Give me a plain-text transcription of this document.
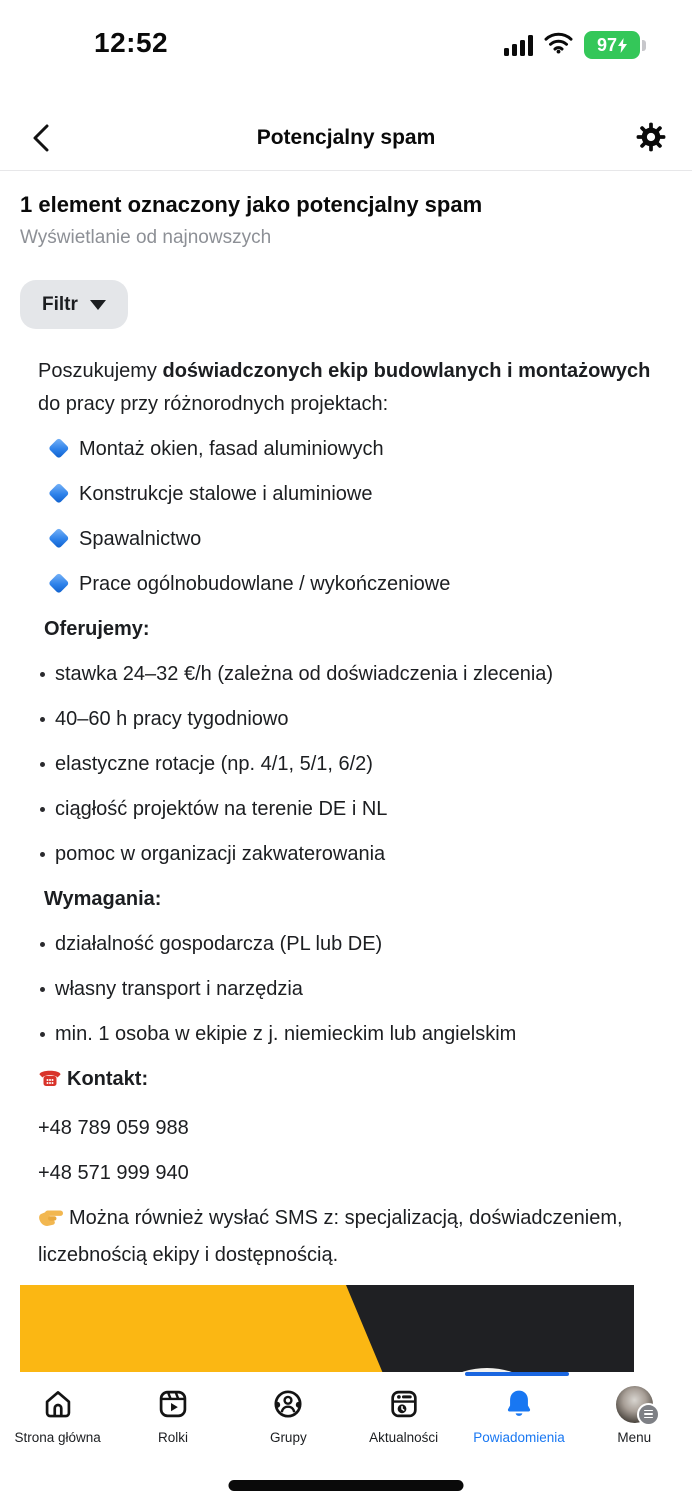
12:52	97
Potencjalny spam
1 element oznaczony jako potencjalny spam
Wyświetlanie od najnowszych
Filtr

Poszukujemy doświadczonych ekip budowlanych i montażowych do pracy przy różnorodnych projektach:

Montaż okien, fasad aluminiowych

Konstrukcje stalowe i aluminiowe

Spawalnictwo

Prace ogólnobudowlane / wykończeniowe

Oferujemy:

stawka 24–32 €/h (zależna od doświadczenia i zlecenia)

40–60 h pracy tygodniowo

elastyczne rotacje (np. 4/1, 5/1, 6/2)

ciągłość projektów na terenie DE i NL

pomoc w organizacji zakwaterowania

Wymagania:

działalność gospodarcza (PL lub DE)

własny transport i narzędzia

min. 1 osoba w ekipie z j. niemieckim lub angielskim

Kontakt:

+48 789 059 988

+48 571 999 940

Można również wysłać SMS z: specjalizacją, doświadczeniem, liczebnością ekipy i dostępnością.

Strona główna	Rolki	Grupy	Aktualności	Powiadomienia	Menu
